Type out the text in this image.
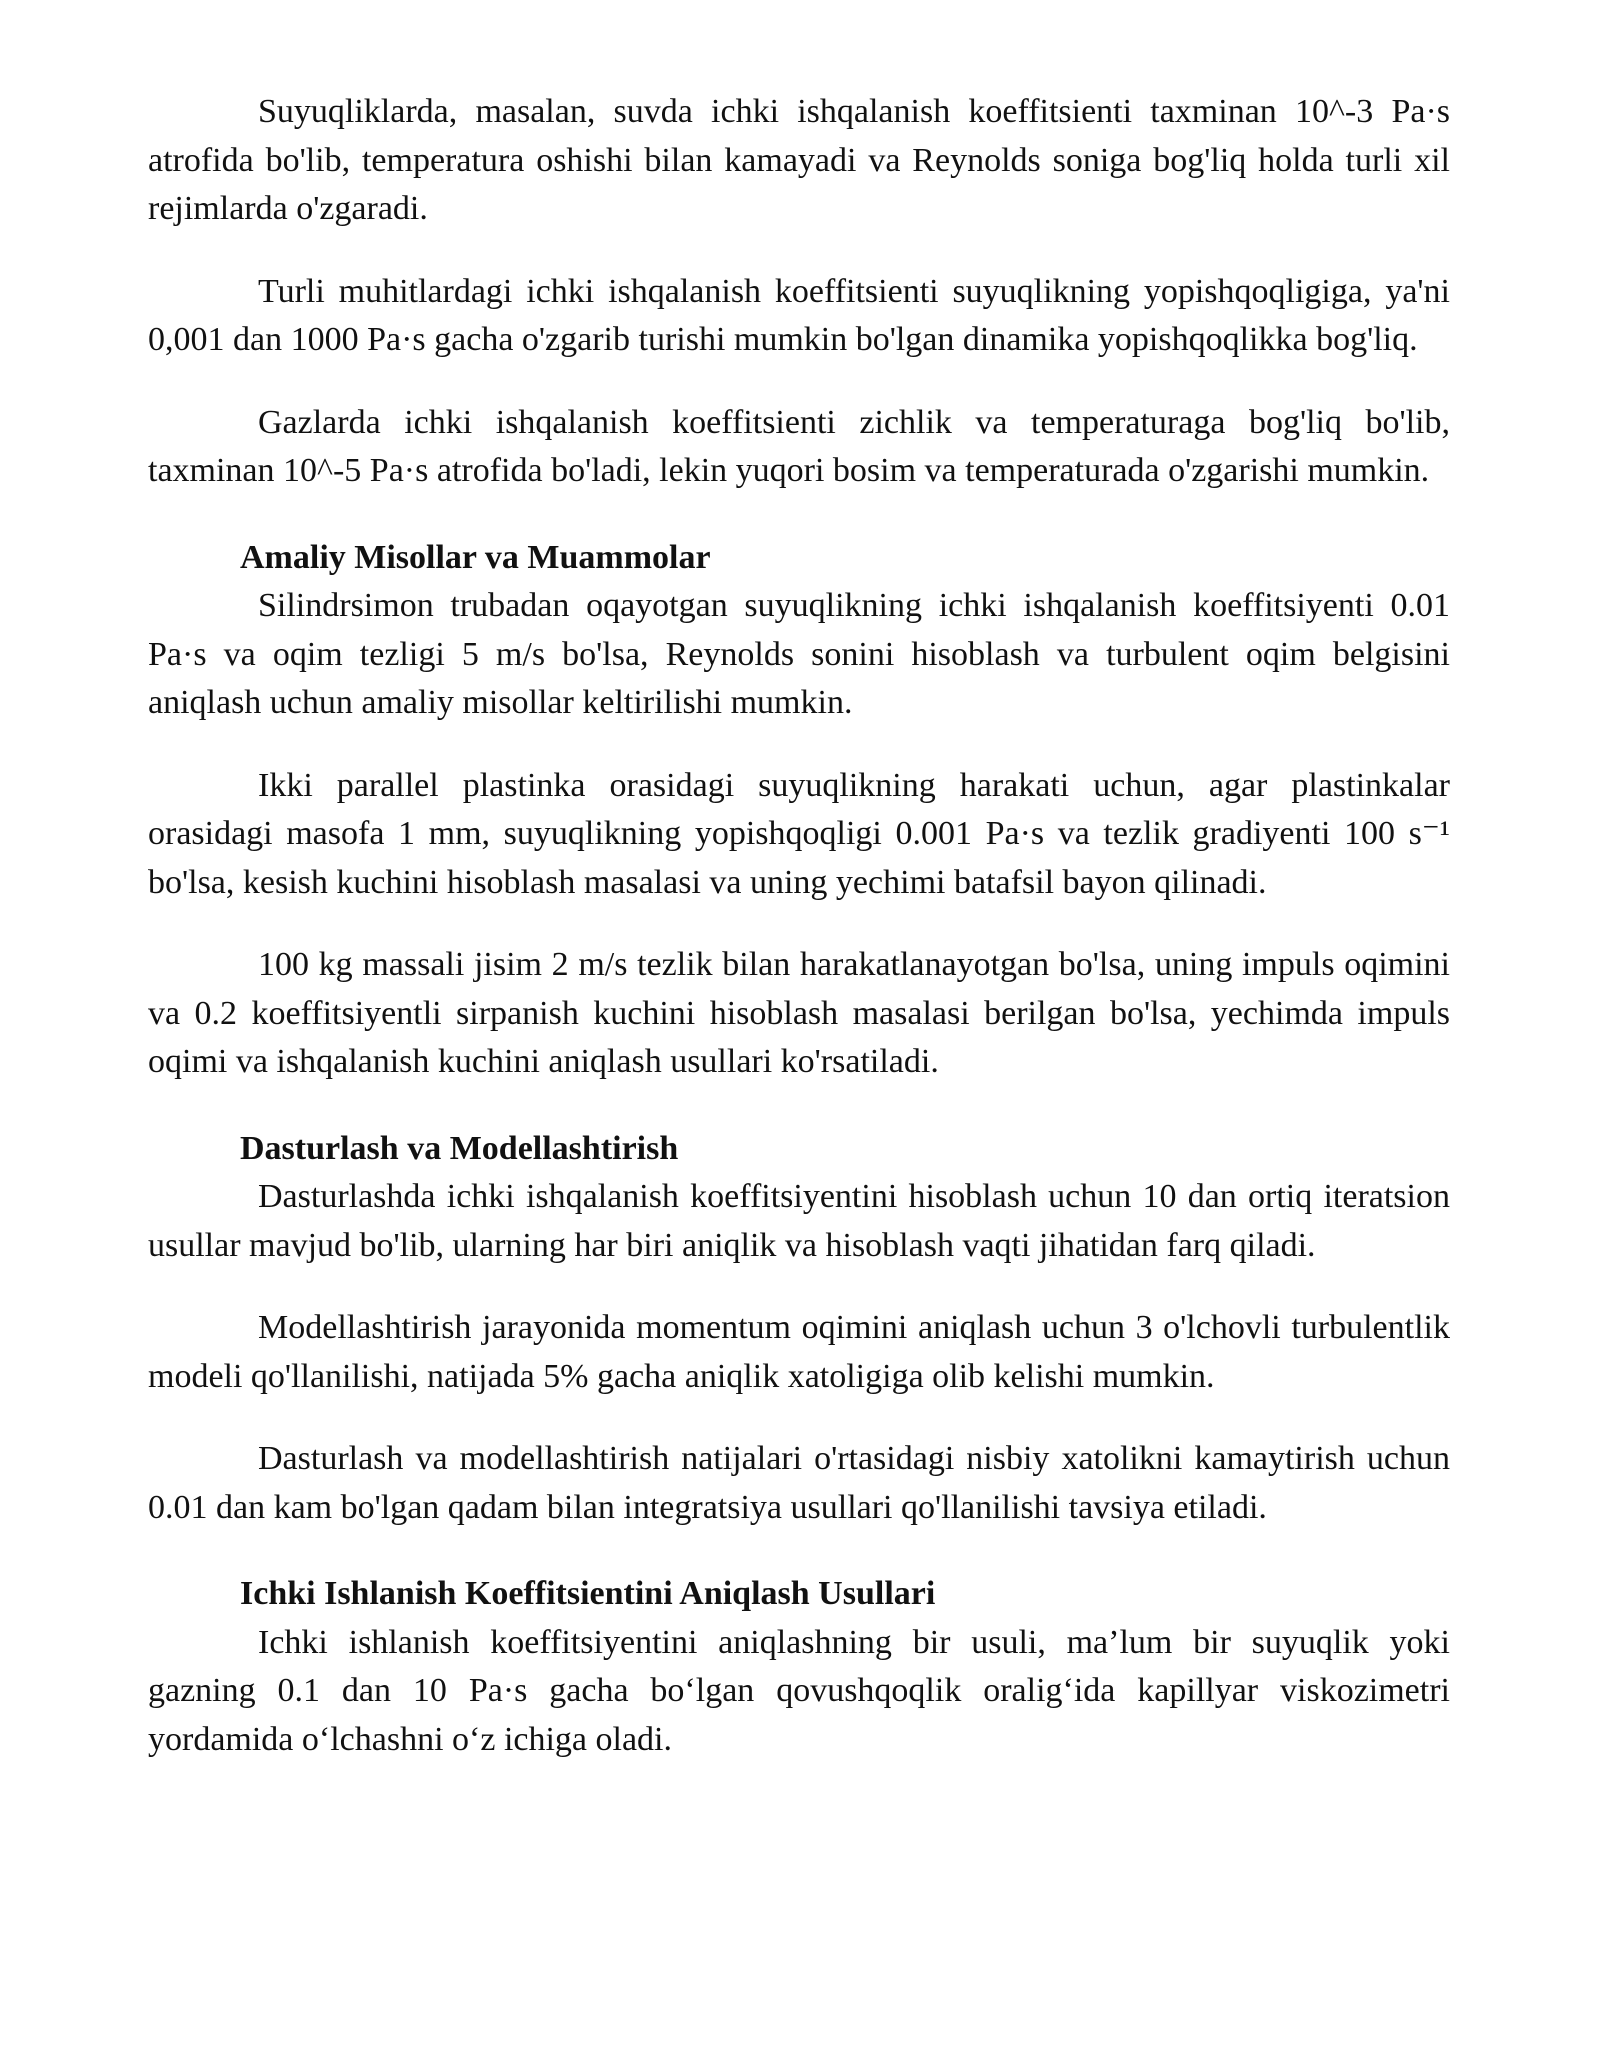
Suyuqliklarda, masalan, suvda ichki ishqalanish koeffitsienti taxminan 10^-3 Pa·s atrofida bo'lib, temperatura oshishi bilan kamayadi va Reynolds soniga bog'liq holda turli xil rejimlarda o'zgaradi.

Turli muhitlardagi ichki ishqalanish koeffitsienti suyuqlikning yopishqoqligiga, ya'ni 0,001 dan 1000 Pa·s gacha o'zgarib turishi mumkin bo'lgan dinamika yopishqoqlikka bog'liq.

Gazlarda ichki ishqalanish koeffitsienti zichlik va temperaturaga bog'liq bo'lib, taxminan 10^-5 Pa·s atrofida bo'ladi, lekin yuqori bosim va temperaturada o'zgarishi mumkin.

Amaliy Misollar va Muammolar

Silindrsimon trubadan oqayotgan suyuqlikning ichki ishqalanish koeffitsiyenti 0.01 Pa·s va oqim tezligi 5 m/s bo'lsa, Reynolds sonini hisoblash va turbulent oqim belgisini aniqlash uchun amaliy misollar keltirilishi mumkin.

Ikki parallel plastinka orasidagi suyuqlikning harakati uchun, agar plastinkalar orasidagi masofa 1 mm, suyuqlikning yopishqoqligi 0.001 Pa·s va tezlik gradiyenti 100 s⁻¹ bo'lsa, kesish kuchini hisoblash masalasi va uning yechimi batafsil bayon qilinadi.

100 kg massali jisim 2 m/s tezlik bilan harakatlanayotgan bo'lsa, uning impuls oqimini va 0.2 koeffitsiyentli sirpanish kuchini hisoblash masalasi berilgan bo'lsa, yechimda impuls oqimi va ishqalanish kuchini aniqlash usullari ko'rsatiladi.

Dasturlash va Modellashtirish

Dasturlashda ichki ishqalanish koeffitsiyentini hisoblash uchun 10 dan ortiq iteratsion usullar mavjud bo'lib, ularning har biri aniqlik va hisoblash vaqti jihatidan farq qiladi.

Modellashtirish jarayonida momentum oqimini aniqlash uchun 3 o'lchovli turbulentlik modeli qo'llanilishi, natijada 5% gacha aniqlik xatoligiga olib kelishi mumkin.

Dasturlash va modellashtirish natijalari o'rtasidagi nisbiy xatolikni kamaytirish uchun 0.01 dan kam bo'lgan qadam bilan integratsiya usullari qo'llanilishi tavsiya etiladi.

Ichki Ishlanish Koeffitsientini Aniqlash Usullari

Ichki ishlanish koeffitsiyentini aniqlashning bir usuli, ma’lum bir suyuqlik yoki gazning 0.1 dan 10 Pa·s gacha bo‘lgan qovushqoqlik oralig‘ida kapillyar viskozimetri yordamida o‘lchashni o‘z ichiga oladi.
